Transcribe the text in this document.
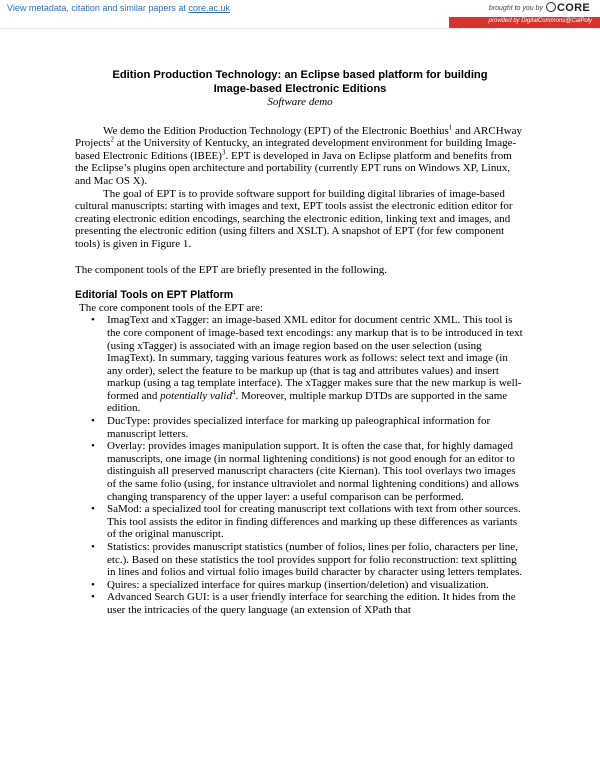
View metadata, citation and similar papers at core.ac.uk	brought to you by	CORE
provided by DigitalCommons@CalPoly
Edition Production Technology: an Eclipse based platform for building
Image-based Electronic Editions

Software demo

We demo the Edition Production Technology (EPT) of the Electronic Boethius$^1$ and ARCHway Projects$^2$ at the University of Kentucky, an integrated development environment for building Image-based Electronic Editions (IBEE)$^3$. EPT is developed in Java on Eclipse platform and benefits from the Eclipse’s plugins open architecture and portability (currently EPT runs on Windows XP, Linux, and Mac OS X).

The goal of EPT is to provide software support for building digital libraries of image-based cultural manuscripts: starting with images and text, EPT tools assist the electronic edition editor for creating electronic edition encodings, searching the electronic edition, linking text and images, and presenting the electronic edition (using filters and XSLT). A snapshot of EPT (for few component tools) is given in Figure 1.

The component tools of the EPT are briefly presented in the following.

Editorial Tools on EPT Platform

The core component tools of the EPT are:

• ImagText and xTagger: an image-based XML editor for document centric XML. This tool is the core component of image-based text encodings: any markup that is to be introduced in text (using xTagger) is associated with an image region based on the user selection (using ImagText). In summary, tagging various features work as follows: select text and image (in any order), select the feature to be markup up (that is tag and attributes values) and insert markup (using a tag template interface). The xTagger makes sure that the new markup is well-formed and potentially valid$^4$. Moreover, multiple markup DTDs are supported in the same edition.
• DucType: provides specialized interface for marking up paleographical information for manuscript letters.
• Overlay: provides images manipulation support. It is often the case that, for highly damaged manuscripts, one image (in normal lightening conditions) is not good enough for an editor to distinguish all preserved manuscript characters (cite Kiernan). This tool overlays two images of the same folio (using, for instance ultraviolet and normal lightening conditions) and allows changing transparency of the upper layer: a useful comparison can be performed.
• SaMod: a specialized tool for creating manuscript text collations with text from other sources. This tool assists the editor in finding differences and marking up these differences as variants of the original manuscript.
• Statistics: provides manuscript statistics (number of folios, lines per folio, characters per line, etc.). Based on these statistics the tool provides support for folio reconstruction: text splitting in lines and folios and virtual folio images build character by character using letters templates.
• Quires: a specialized interface for quires markup (insertion/deletion) and visualization.
• Advanced Search GUI: is a user friendly interface for searching the edition. It hides from the user the intricacies of the query language (an extension of XPath that
